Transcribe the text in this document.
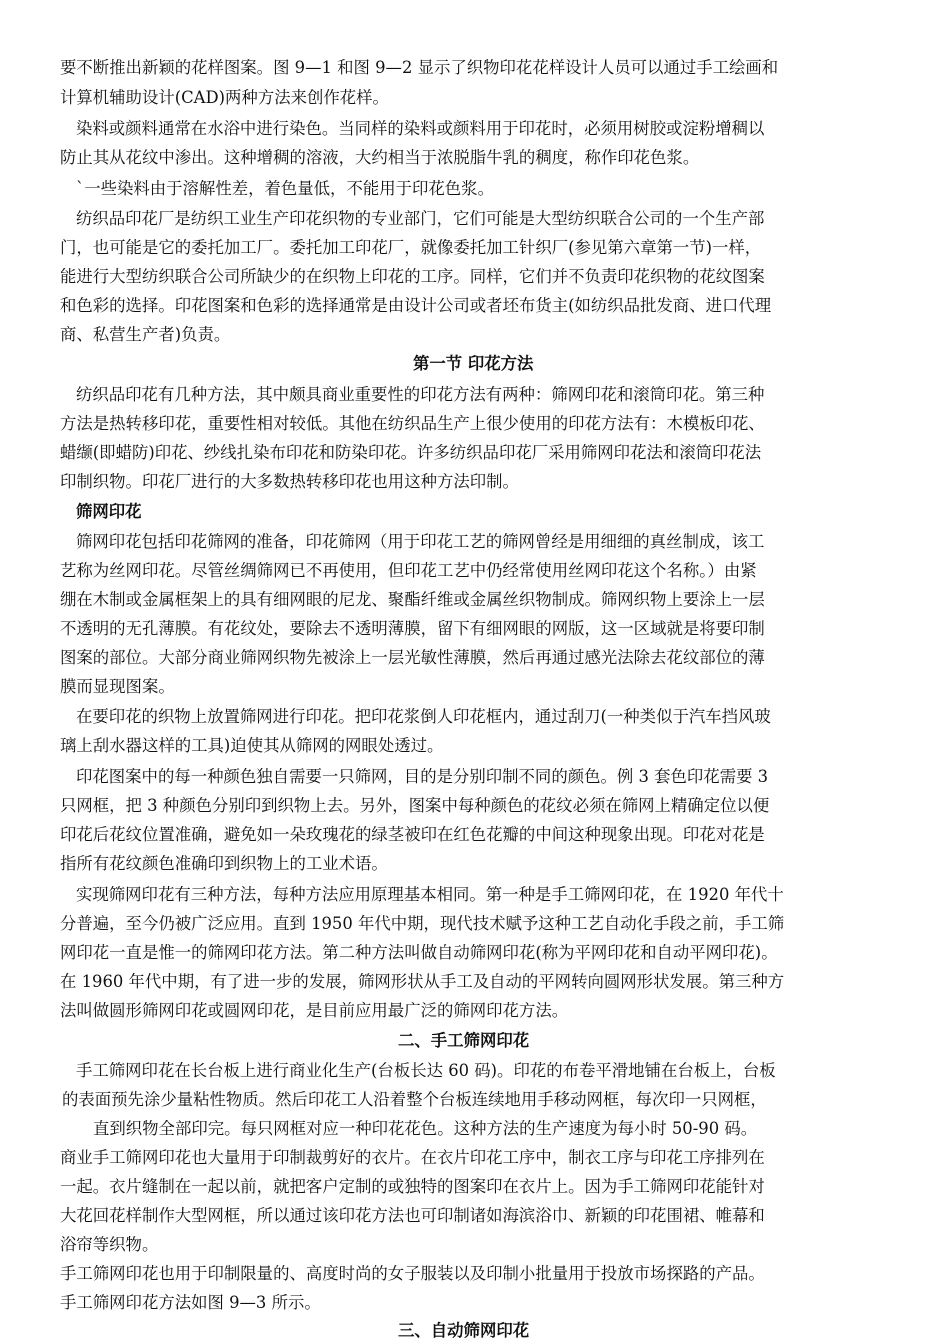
要不断推出新颖的花样图案。图 9—1 和图 9—2 显示了织物印花花样设计人员可以通过手工绘画和

计算机辅助设计(CAD)两种方法来创作花样。

染料或颜料通常在水浴中进行染色。当同样的染料或颜料用于印花时，必须用树胶或淀粉增稠以

防止其从花纹中渗出。这种增稠的溶液，大约相当于浓脱脂牛乳的稠度，称作印花色浆。

`一些染料由于溶解性差，着色量低，不能用于印花色浆。

纺织品印花厂是纺织工业生产印花织物的专业部门，它们可能是大型纺织联合公司的一个生产部

门，也可能是它的委托加工厂。委托加工印花厂，就像委托加工针织厂(参见第六章第一节)一样，

能进行大型纺织联合公司所缺少的在织物上印花的工序。同样，它们并不负责印花织物的花纹图案

和色彩的选择。印花图案和色彩的选择通常是由设计公司或者坯布货主(如纺织品批发商、进口代理

商、私营生产者)负责。

第一节 印花方法

纺织品印花有几种方法，其中颇具商业重要性的印花方法有两种：筛网印花和滚筒印花。第三种

方法是热转移印花，重要性相对较低。其他在纺织品生产上很少使用的印花方法有：木模板印花、

蜡缬(即蜡防)印花、纱线扎染布印花和防染印花。许多纺织品印花厂采用筛网印花法和滚筒印花法

印制织物。印花厂进行的大多数热转移印花也用这种方法印制。

筛网印花

筛网印花包括印花筛网的准备，印花筛网（用于印花工艺的筛网曾经是用细细的真丝制成，该工

艺称为丝网印花。尽管丝绸筛网已不再使用，但印花工艺中仍经常使用丝网印花这个名称。）由紧

绷在木制或金属框架上的具有细网眼的尼龙、聚酯纤维或金属丝织物制成。筛网织物上要涂上一层

不透明的无孔薄膜。有花纹处，要除去不透明薄膜，留下有细网眼的网版，这一区域就是将要印制

图案的部位。大部分商业筛网织物先被涂上一层光敏性薄膜，然后再通过感光法除去花纹部位的薄

膜而显现图案。

在要印花的织物上放置筛网进行印花。把印花浆倒人印花框内，通过刮刀(一种类似于汽车挡风玻

璃上刮水器这样的工具)迫使其从筛网的网眼处透过。

印花图案中的每一种颜色独自需要一只筛网，目的是分别印制不同的颜色。例 3 套色印花需要 3

只网框，把 3 种颜色分别印到织物上去。另外，图案中每种颜色的花纹必须在筛网上精确定位以便

印花后花纹位置准确，避免如一朵玫瑰花的绿茎被印在红色花瓣的中间这种现象出现。印花对花是

指所有花纹颜色准确印到织物上的工业术语。

实现筛网印花有三种方法，每种方法应用原理基本相同。第一种是手工筛网印花，在 1920 年代十

分普遍，至今仍被广泛应用。直到 1950 年代中期，现代技术赋予这种工艺自动化手段之前，手工筛

网印花一直是惟一的筛网印花方法。第二种方法叫做自动筛网印花(称为平网印花和自动平网印花)。

在 1960 年代中期，有了进一步的发展，筛网形状从手工及自动的平网转向圆网形状发展。第三种方

法叫做圆形筛网印花或圆网印花，是目前应用最广泛的筛网印花方法。

二、手工筛网印花

手工筛网印花在长台板上进行商业化生产(台板长达 60 码)。印花的布卷平滑地铺在台板上，台板

的表面预先涂少量粘性物质。然后印花工人沿着整个台板连续地用手移动网框，每次印一只网框，

直到织物全部印完。每只网框对应一种印花花色。这种方法的生产速度为每小时 50-90 码。

商业手工筛网印花也大量用于印制裁剪好的衣片。在衣片印花工序中，制衣工序与印花工序排列在

一起。衣片缝制在一起以前，就把客户定制的或独特的图案印在衣片上。因为手工筛网印花能针对

大花回花样制作大型网框，所以通过该印花方法也可印制诸如海滨浴巾、新颖的印花围裙、帷幕和

浴帘等织物。

手工筛网印花也用于印制限量的、高度时尚的女子服装以及印制小批量用于投放市场探路的产品。

手工筛网印花方法如图 9—3 所示。

三、自动筛网印花
